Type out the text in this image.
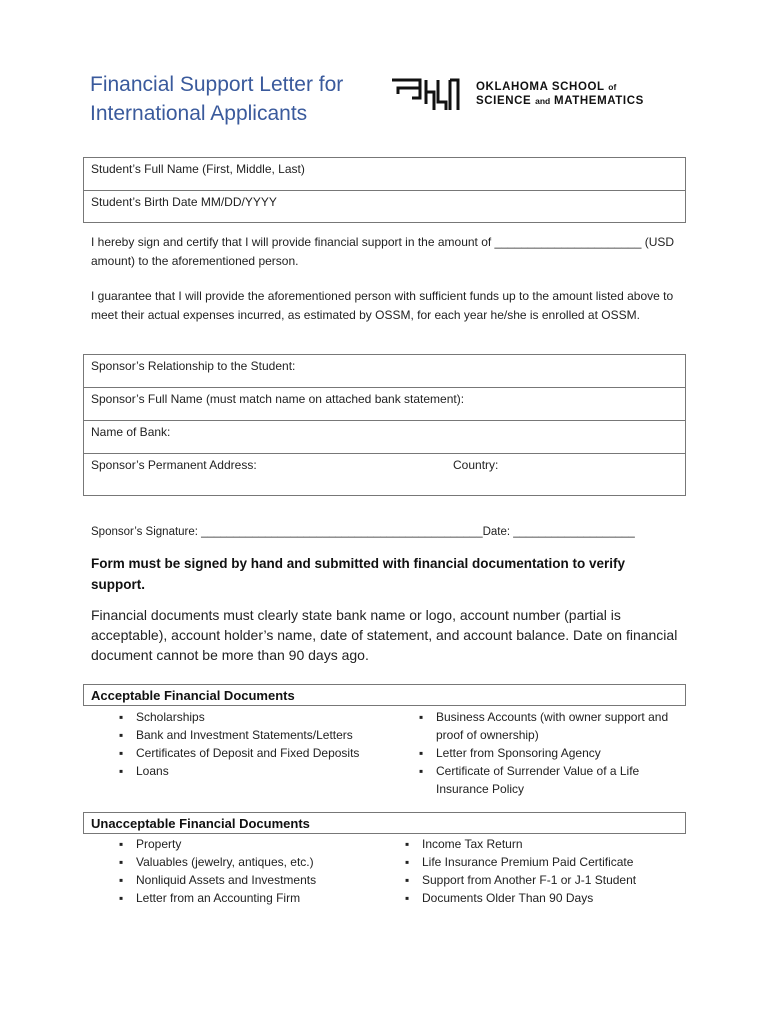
Financial Support Letter for
International Applicants
OKLAHOMA SCHOOL of
SCIENCE and MATHEMATICS
Student’s Full Name (First, Middle, Last)
Student’s Birth Date MM/DD/YYYY
I hereby sign and certify that I will provide financial support in the amount of ______________________ (USD amount) to the aforementioned person.
I guarantee that I will provide the aforementioned person with sufficient funds up to the amount listed above to meet their actual expenses incurred, as estimated by OSSM, for each year he/she is enrolled at OSSM.
Sponsor’s Relationship to the Student:
Sponsor’s Full Name (must match name on attached bank statement):
Name of Bank:
Sponsor’s Permanent Address:	Country:
Sponsor’s Signature: ____________________________________________Date: ___________________
Form must be signed by hand and submitted with financial documentation to verify support.
Financial documents must clearly state bank name or logo, account number (partial is acceptable), account holder’s name, date of statement, and account balance. Date on financial document cannot be more than 90 days ago.
Acceptable Financial Documents
▪ Scholarships
▪ Bank and Investment Statements/Letters
▪ Certificates of Deposit and Fixed Deposits
▪ Loans
▪ Business Accounts (with owner support and proof of ownership)
▪ Letter from Sponsoring Agency
▪ Certificate of Surrender Value of a Life Insurance Policy
Unacceptable Financial Documents
▪ Property
▪ Valuables (jewelry, antiques, etc.)
▪ Nonliquid Assets and Investments
▪ Letter from an Accounting Firm
▪ Income Tax Return
▪ Life Insurance Premium Paid Certificate
▪ Support from Another F-1 or J-1 Student
▪ Documents Older Than 90 Days
